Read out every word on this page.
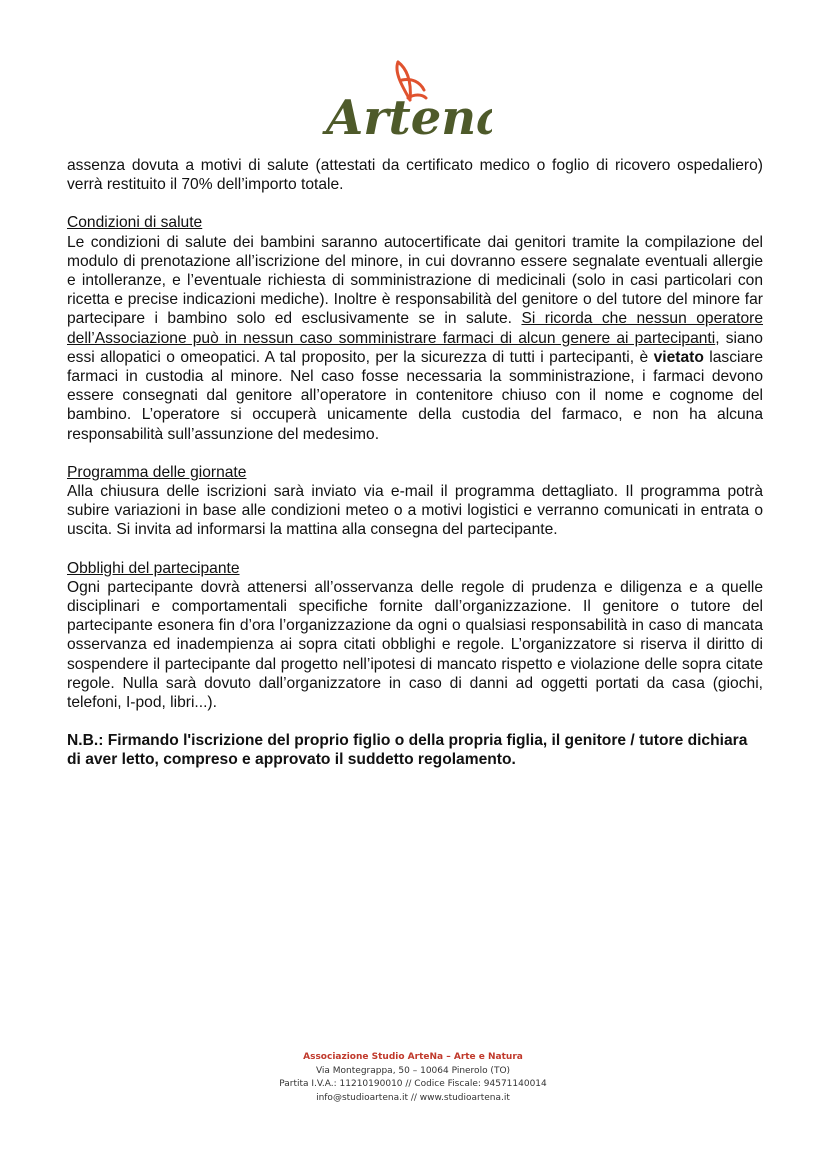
Artena

assenza dovuta a motivi di salute (attestati da certificato medico o foglio di ricovero ospedaliero) verrà restituito il 70% dell’importo totale.

Condizioni di salute

Le condizioni di salute dei bambini saranno autocertificate dai genitori tramite la compilazione del modulo di prenotazione all’iscrizione del minore, in cui dovranno essere segnalate eventuali allergie e intolleranze, e l’eventuale richiesta di somministrazione di medicinali (solo in casi particolari con ricetta e precise indicazioni mediche). Inoltre è responsabilità del genitore o del tutore del minore far partecipare i bambino solo ed esclusivamente se in salute. Si ricorda che nessun operatore dell’Associazione può in nessun caso somministrare farmaci di alcun genere ai partecipanti, siano essi allopatici o omeopatici. A tal proposito, per la sicurezza di tutti i partecipanti, è vietato lasciare farmaci in custodia al minore. Nel caso fosse necessaria la somministrazione, i farmaci devono essere consegnati dal genitore all’operatore in contenitore chiuso con il nome e cognome del bambino. L’operatore si occuperà unicamente della custodia del farmaco, e non ha alcuna responsabilità sull’assunzione del medesimo.

Programma delle giornate

Alla chiusura delle iscrizioni sarà inviato via e-mail il programma dettagliato. Il programma potrà subire variazioni in base alle condizioni meteo o a motivi logistici e verranno comunicati in entrata o uscita. Si invita ad informarsi la mattina alla consegna del partecipante.

Obblighi del partecipante

Ogni partecipante dovrà attenersi all’osservanza delle regole di prudenza e diligenza e a quelle disciplinari e comportamentali specifiche fornite dall’organizzazione. Il genitore o tutore del partecipante esonera fin d’ora l’organizzazione da ogni o qualsiasi responsabilità in caso di mancata osservanza ed inadempienza ai sopra citati obblighi e regole. L’organizzatore si riserva il diritto di sospendere il partecipante dal progetto nell’ipotesi di mancato rispetto e violazione delle sopra citate regole. Nulla sarà dovuto dall’organizzatore in caso di danni ad oggetti portati da casa (giochi, telefoni, I-pod, libri...).

N.B.: Firmando l'iscrizione del proprio figlio o della propria figlia, il genitore / tutore dichiara di aver letto, compreso e approvato il suddetto regolamento.

Associazione Studio ArteNa – Arte e Natura
Via Montegrappa, 50 – 10064 Pinerolo (TO)
Partita I.V.A.: 11210190010 // Codice Fiscale: 94571140014
info@studioartena.it // www.studioartena.it
